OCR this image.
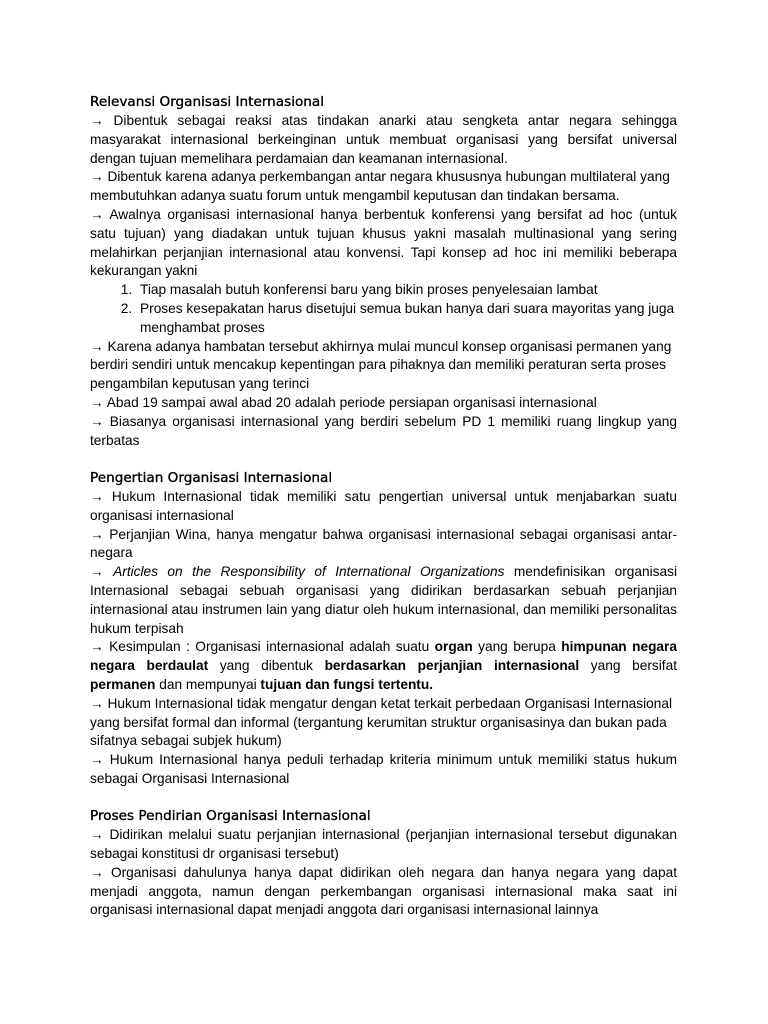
Relevansi Organisasi Internasional

→ Dibentuk sebagai reaksi atas tindakan anarki atau sengketa antar negara sehingga masyarakat internasional berkeinginan untuk membuat organisasi yang bersifat universal dengan tujuan memelihara perdamaian dan keamanan internasional.

→ Dibentuk karena adanya perkembangan antar negara khususnya hubungan multilateral yang membutuhkan adanya suatu forum untuk mengambil keputusan dan tindakan bersama.

→ Awalnya organisasi internasional hanya berbentuk konferensi yang bersifat ad hoc (untuk satu tujuan) yang diadakan untuk tujuan khusus yakni masalah multinasional yang sering melahirkan perjanjian internasional atau konvensi. Tapi konsep ad hoc ini memiliki beberapa kekurangan yakni

1. Tiap masalah butuh konferensi baru yang bikin proses penyelesaian lambat
2. Proses kesepakatan harus disetujui semua bukan hanya dari suara mayoritas yang juga menghambat proses

→ Karena adanya hambatan tersebut akhirnya mulai muncul konsep organisasi permanen yang berdiri sendiri untuk mencakup kepentingan para pihaknya dan memiliki peraturan serta proses pengambilan keputusan yang terinci

→ Abad 19 sampai awal abad 20 adalah periode persiapan organisasi internasional

→ Biasanya organisasi internasional yang berdiri sebelum PD 1 memiliki ruang lingkup yang terbatas

Pengertian Organisasi Internasional

→ Hukum Internasional tidak memiliki satu pengertian universal untuk menjabarkan suatu organisasi internasional

→ Perjanjian Wina, hanya mengatur bahwa organisasi internasional sebagai organisasi antar-negara

→ Articles on the Responsibility of International Organizations mendefinisikan organisasi Internasional sebagai sebuah organisasi yang didirikan berdasarkan sebuah perjanjian internasional atau instrumen lain yang diatur oleh hukum internasional, dan memiliki personalitas hukum terpisah

→ Kesimpulan : Organisasi internasional adalah suatu organ yang berupa himpunan negara negara berdaulat yang dibentuk berdasarkan perjanjian internasional yang bersifat permanen dan mempunyai tujuan dan fungsi tertentu.

→ Hukum Internasional tidak mengatur dengan ketat terkait perbedaan Organisasi Internasional yang bersifat formal dan informal (tergantung kerumitan struktur organisasinya dan bukan pada sifatnya sebagai subjek hukum)

→ Hukum Internasional hanya peduli terhadap kriteria minimum untuk memiliki status hukum sebagai Organisasi Internasional

Proses Pendirian Organisasi Internasional

→ Didirikan melalui suatu perjanjian internasional (perjanjian internasional tersebut digunakan sebagai konstitusi dr organisasi tersebut)

→ Organisasi dahulunya hanya dapat didirikan oleh negara dan hanya negara yang dapat menjadi anggota, namun dengan perkembangan organisasi internasional maka saat ini organisasi internasional dapat menjadi anggota dari organisasi internasional lainnya
